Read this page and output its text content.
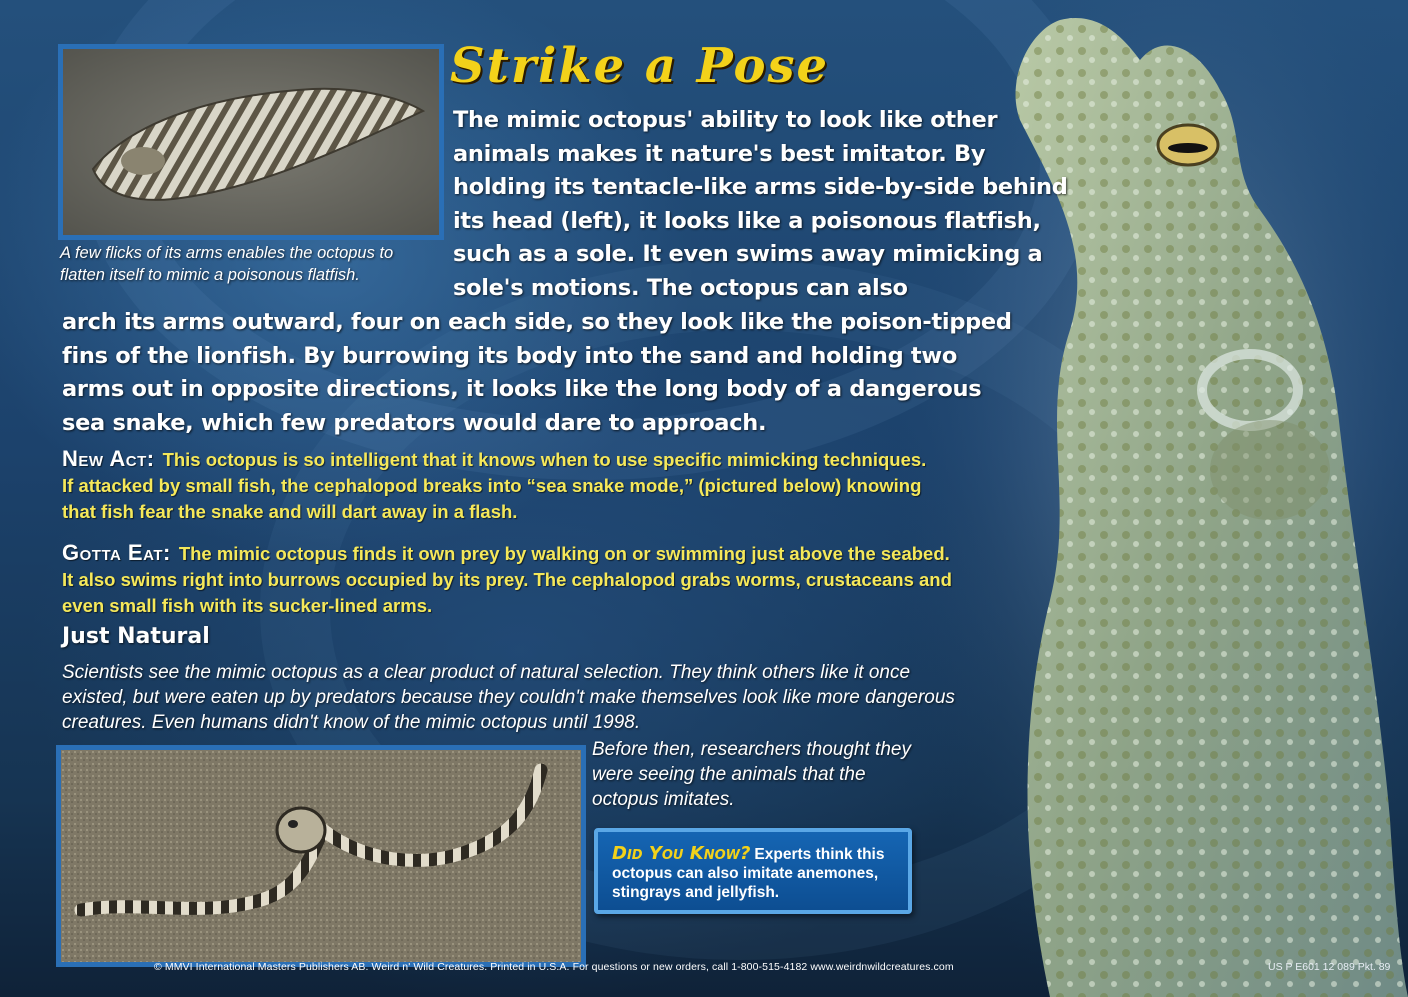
A few flicks of its arms enables the octopus to flatten itself to mimic a poisonous flatfish.

Strike a Pose

The mimic octopus' ability to look like other animals makes it nature's best imitator. By holding its tentacle-like arms side-by-side behind its head (left), it looks like a poisonous flatfish, such as a sole. It even swims away mimicking a sole's motions. The octopus can also

arch its arms outward, four on each side, so they look like the poison-tipped fins of the lionfish. By burrowing its body into the sand and holding two arms out in opposite directions, it looks like the long body of a dangerous sea snake, which few predators would dare to approach.

New Act: This octopus is so intelligent that it knows when to use specific mimicking techniques. If attacked by small fish, the cephalopod breaks into “sea snake mode,” (pictured below) knowing that fish fear the snake and will dart away in a flash.

Gotta Eat: The mimic octopus finds it own prey by walking on or swimming just above the seabed. It also swims right into burrows occupied by its prey. The cephalopod grabs worms, crustaceans and even small fish with its sucker-lined arms.

Just Natural

Scientists see the mimic octopus as a clear product of natural selection. They think others like it once existed, but were eaten up by predators because they couldn't make themselves look like more dangerous creatures. Even humans didn't know of the mimic octopus until 1998.

Before then, researchers thought they were seeing the animals that the octopus imitates.

Did You Know? Experts think this octopus can also imitate anemones, stingrays and jellyfish.

© MMVI International Masters Publishers AB. Weird n' Wild Creatures. Printed in U.S.A. For questions or new orders, call 1-800-515-4182 www.weirdnwildcreatures.com	US P E601 12 089 Pkt. 89
